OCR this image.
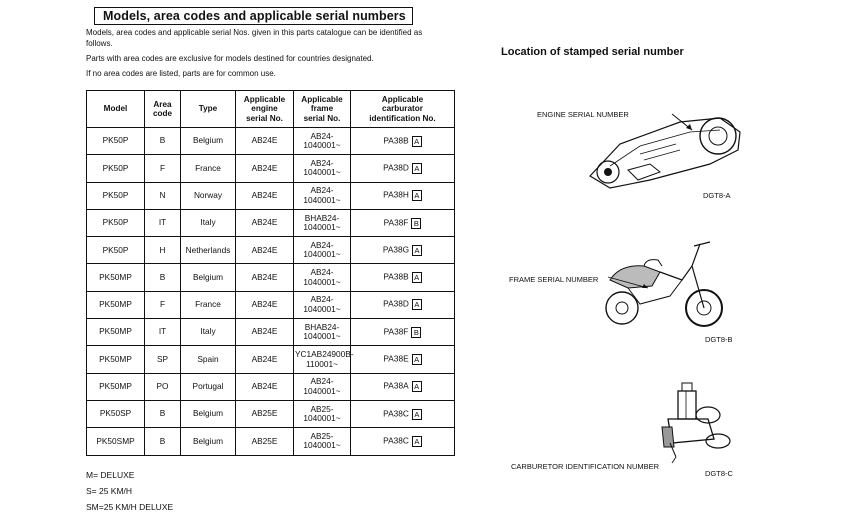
Models, area codes and applicable serial numbers

Models, area codes and applicable serial Nos. given in this parts catalogue can be identified as

follows.

Parts with area codes are exclusive for models destined for countries designated.

If no area codes are listed, parts are for common use.

Model	Area
code	Type	Applicable
engine
serial No.	Applicable
frame
serial No.	Applicable
carburator
identification No.
PK50P	B	Belgium	AB24E	AB24-
1040001~	PA38B A
PK50P	F	France	AB24E	AB24-
1040001~	PA38D A
PK50P	N	Norway	AB24E	AB24-
1040001~	PA38H A
PK50P	IT	Italy	AB24E	BHAB24-
1040001~	PA38F B
PK50P	H	Netherlands	AB24E	AB24-
1040001~	PA38G A
PK50MP	B	Belgium	AB24E	AB24-
1040001~	PA38B A
PK50MP	F	France	AB24E	AB24-
1040001~	PA38D A
PK50MP	IT	Italy	AB24E	BHAB24-
1040001~	PA38F B
PK50MP	SP	Spain	AB24E	YC1AB24900B-
110001~	PA38E A
PK50MP	PO	Portugal	AB24E	AB24-
1040001~	PA38A A
PK50SP	B	Belgium	AB25E	AB25-
1040001~	PA38C A
PK50SMP	B	Belgium	AB25E	AB25-
1040001~	PA38C A

M= DELUXE

S= 25 KM/H

SM=25 KM/H DELUXE

Location of stamped serial number
ENGINE SERIAL NUMBER
DGT8-A
FRAME SERIAL NUMBER
DGT8-B
CARBURETOR IDENTIFICATION NUMBER
DGT8-C
